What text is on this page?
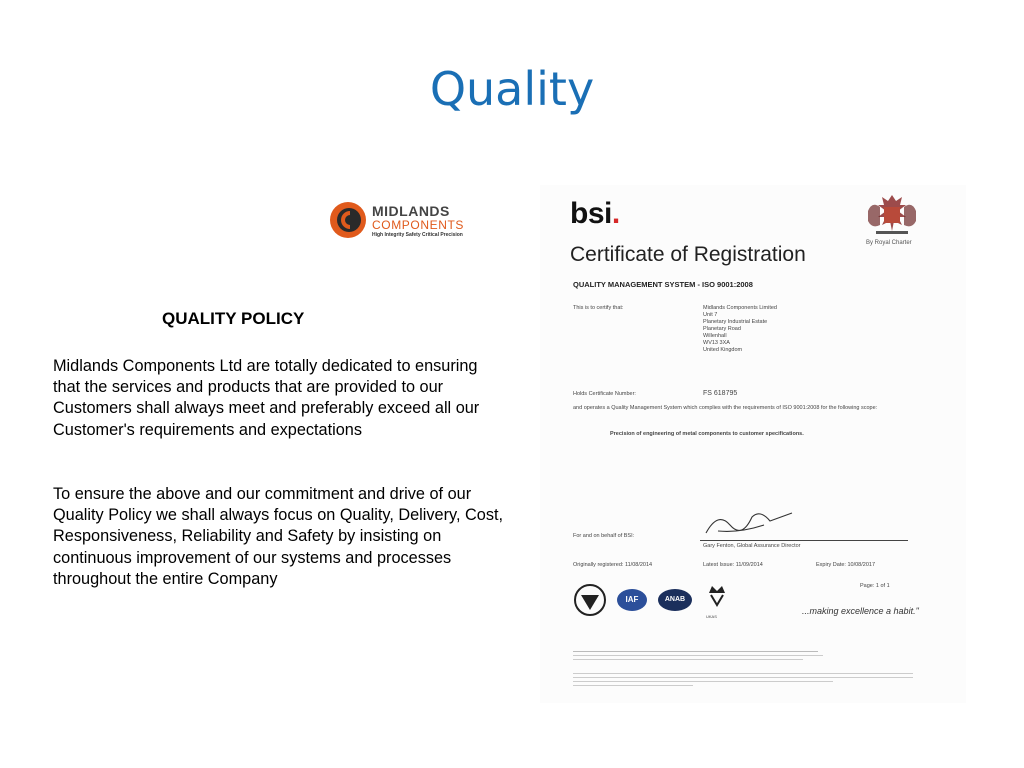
Quality
MIDLANDS
COMPONENTS
High Integrity Safety Critical Precision
QUALITY POLICY
Midlands Components Ltd are totally dedicated to ensuring that the services and products that are provided to our Customers shall always meet and preferably exceed all our Customer's requirements and expectations
To ensure the above and our commitment and drive of our Quality Policy we shall always focus on Quality, Delivery, Cost, Responsiveness, Reliability and Safety by insisting on continuous improvement of our systems and processes throughout the entire Company
bsi.
By Royal Charter
Certificate of Registration
QUALITY MANAGEMENT SYSTEM - ISO 9001:2008
This is to certify that:	Midlands Components Limited
Unit 7
Planetary Industrial Estate
Planetary Road
Willenhall
WV13 3XA
United Kingdom
Holds Certificate Number:	FS 618795
and operates a Quality Management System which complies with the requirements of ISO 9001:2008 for the following scope:
Precision of engineering of metal components to customer specifications.
For and on behalf of BSI:
Gary Fenton, Global Assurance Director
Originally registered: 11/08/2014	Latest Issue: 11/09/2014	Expiry Date: 10/08/2017
Page: 1 of 1
IAF	ANAB
UKAS
...making excellence a habit."
